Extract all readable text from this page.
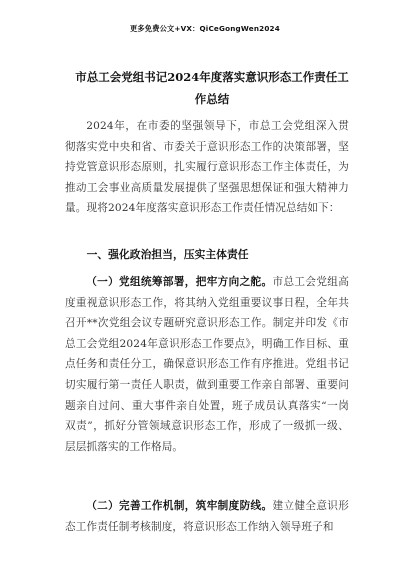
更多免费公文+VX：QiCeGongWen2024
市总工会党组书记2024年度落实意识形态工作责任工作总结
2024年，在市委的坚强领导下，市总工会党组深入贯彻落实党中央和省、市委关于意识形态工作的决策部署，坚持党管意识形态原则，扎实履行意识形态工作主体责任，为推动工会事业高质量发展提供了坚强思想保证和强大精神力量。现将2024年度落实意识形态工作责任情况总结如下：
一、强化政治担当，压实主体责任
（一）党组统筹部署，把牢方向之舵。市总工会党组高度重视意识形态工作，将其纳入党组重要议事日程，全年共召开**次党组会议专题研究意识形态工作。制定并印发《市总工会党组2024年意识形态工作要点》，明确工作目标、重点任务和责任分工，确保意识形态工作有序推进。党组书记切实履行第一责任人职责，做到重要工作亲自部署、重要问题亲自过问、重大事件亲自处置，班子成员认真落实“一岗双责”，抓好分管领域意识形态工作，形成了一级抓一级、层层抓落实的工作格局。
（二）完善工作机制，筑牢制度防线。建立健全意识形态工作责任制考核制度，将意识形态工作纳入领导班子和
